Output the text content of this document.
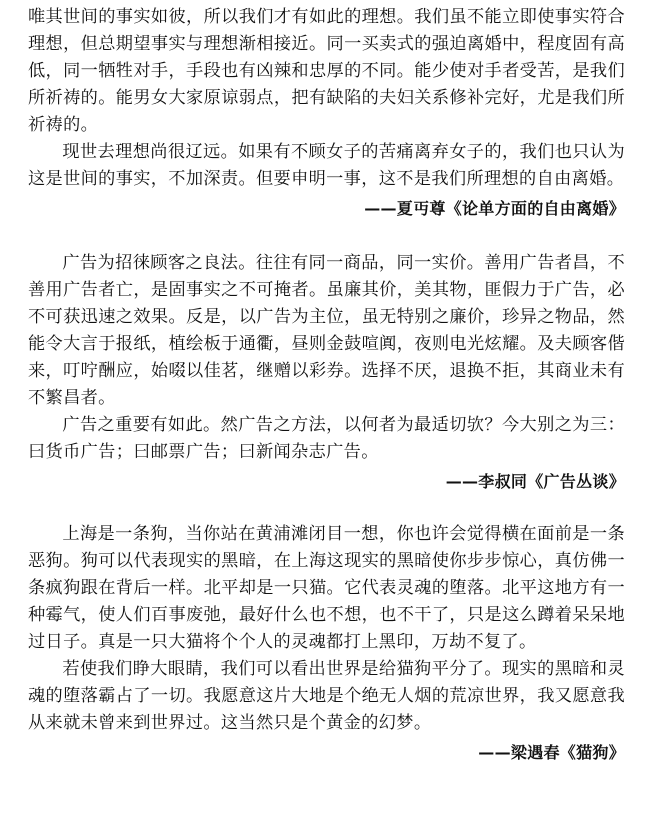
唯其世间的事实如彼，所以我们才有如此的理想。我们虽不能立即使事实符合理想，但总期望事实与理想渐相接近。同一买卖式的强迫离婚中，程度固有高低，同一牺牲对手，手段也有凶辣和忠厚的不同。能少使对手者受苦，是我们所祈祷的。能男女大家原谅弱点，把有缺陷的夫妇关系修补完好，尤是我们所祈祷的。

现世去理想尚很辽远。如果有不顾女子的苦痛离弃女子的，我们也只认为这是世间的事实，不加深责。但要申明一事，这不是我们所理想的自由离婚。

——夏丏尊《论单方面的自由离婚》

广告为招徕顾客之良法。往往有同一商品，同一实价。善用广告者昌，不善用广告者亡，是固事实之不可掩者。虽廉其价，美其物，匪假力于广告，必不可获迅速之效果。反是，以广告为主位，虽无特别之廉价，珍异之物品，然能令大言于报纸，植绘板于通衢，昼则金鼓喧阗，夜则电光炫耀。及夫顾客偕来，叮咛酬应，始啜以佳茗，继赠以彩券。选择不厌，退换不拒，其商业未有不繁昌者。

广告之重要有如此。然广告之方法，以何者为最适切欤？今大别之为三：曰货币广告；曰邮票广告；曰新闻杂志广告。

——李叔同《广告丛谈》

上海是一条狗，当你站在黄浦滩闭目一想，你也许会觉得横在面前是一条恶狗。狗可以代表现实的黑暗，在上海这现实的黑暗使你步步惊心，真仿佛一条疯狗跟在背后一样。北平却是一只猫。它代表灵魂的堕落。北平这地方有一种霉气，使人们百事废弛，最好什么也不想，也不干了，只是这么蹲着呆呆地过日子。真是一只大猫将个个人的灵魂都打上黑印，万劫不复了。

若使我们睁大眼睛，我们可以看出世界是给猫狗平分了。现实的黑暗和灵魂的堕落霸占了一切。我愿意这片大地是个绝无人烟的荒凉世界，我又愿意我从来就未曾来到世界过。这当然只是个黄金的幻梦。

——梁遇春《猫狗》
